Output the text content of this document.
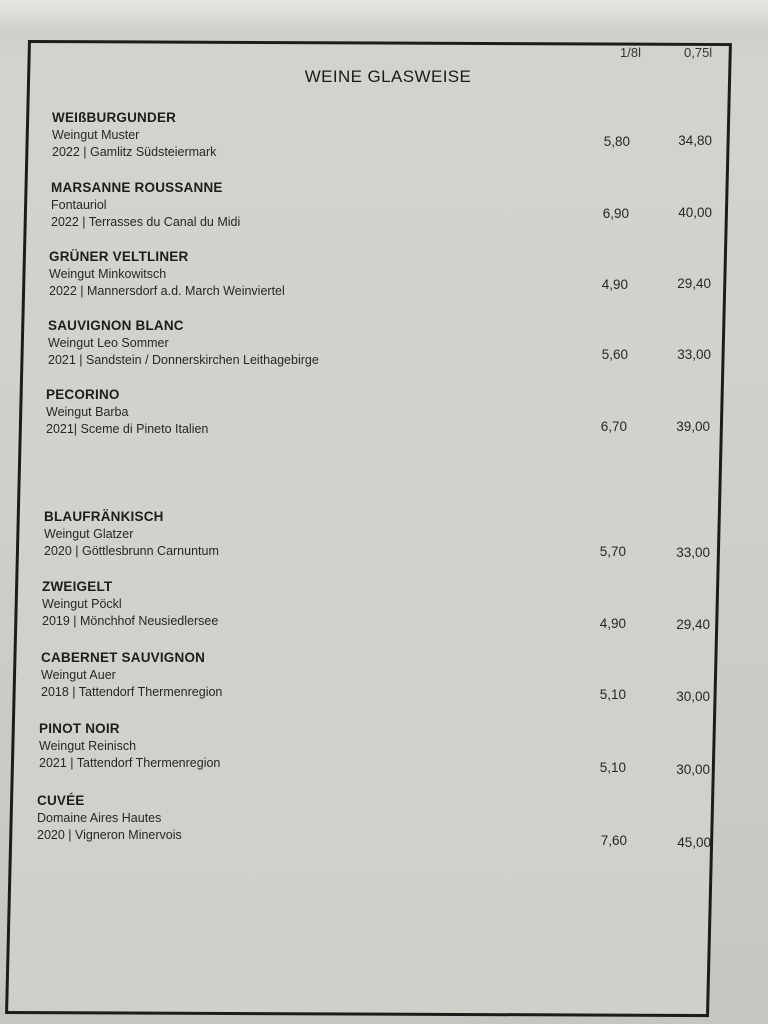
1/8l	0,75l
WEINE GLASWEISE
WEIßBURGUNDER
Weingut Muster
2022 | Gamlitz Südsteiermark
5,80	34,80
MARSANNE ROUSSANNE
Fontauriol
2022 | Terrasses du Canal du Midi
6,90	40,00
GRÜNER VELTLINER
Weingut Minkowitsch
2022 | Mannersdorf a.d. March Weinviertel	4,90	29,40
SAUVIGNON BLANC
Weingut Leo Sommer
2021 | Sandstein / Donnerskirchen Leithagebirge	5,60	33,00
PECORINO
Weingut Barba
2021| Sceme di Pineto Italien	6,70	39,00
BLAUFRÄNKISCH
Weingut Glatzer
2020 | Göttlesbrunn Carnuntum	5,70	33,00
ZWEIGELT
Weingut Pöckl
2019 | Mönchhof Neusiedlersee	4,90	29,40
CABERNET SAUVIGNON
Weingut Auer
2018 | Tattendorf Thermenregion	5,10	30,00
PINOT NOIR
Weingut Reinisch
2021 | Tattendorf Thermenregion	5,10	30,00
CUVÉE
Domaine Aires Hautes
2020 | Vigneron Minervois	7,60	45,00
